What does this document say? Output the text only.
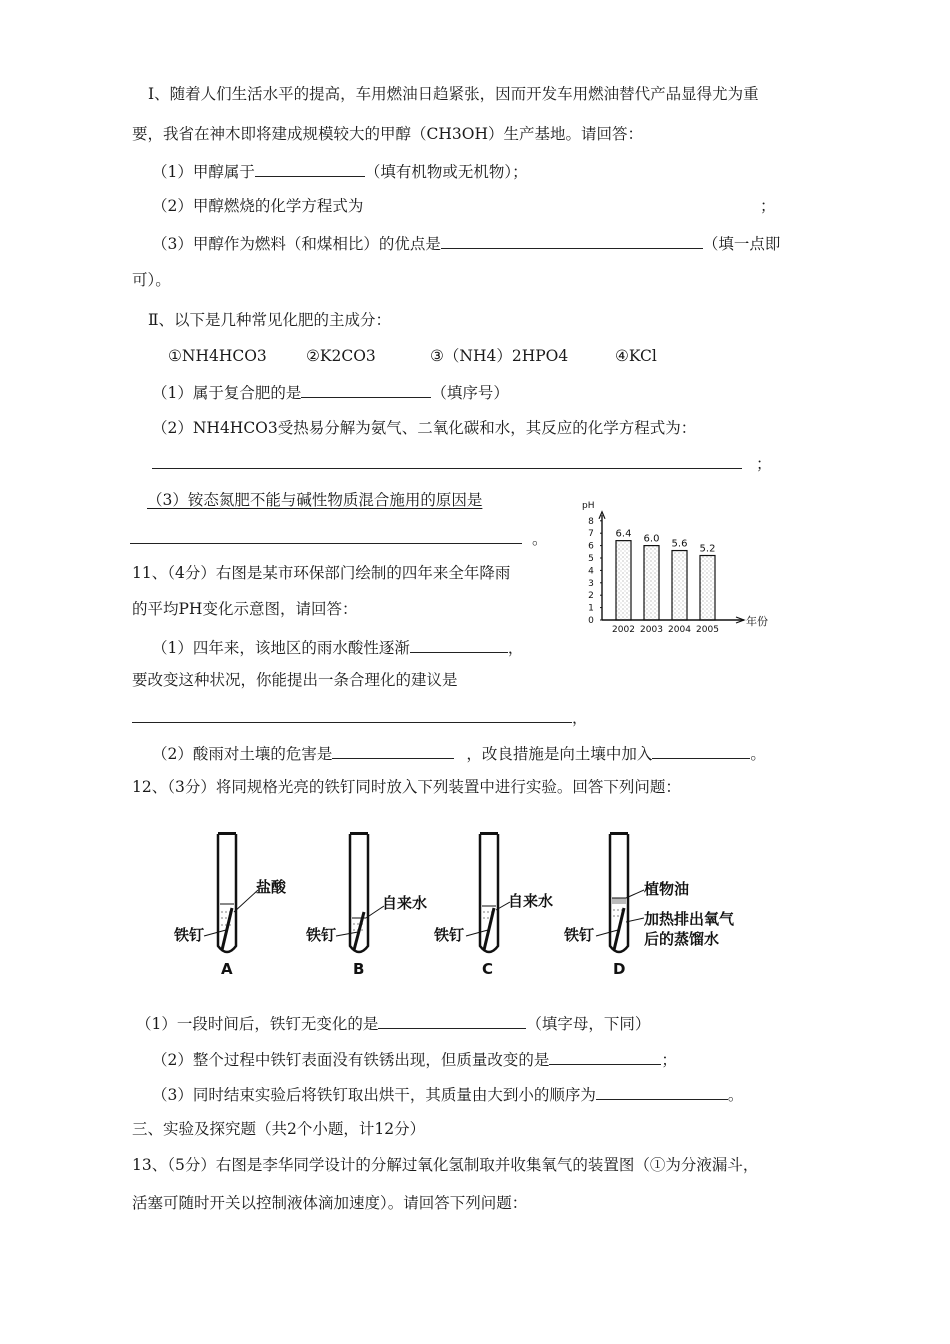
Ⅰ、随着人们生活水平的提高，车用燃油日趋紧张，因而开发车用燃油替代产品显得尤为重
要，我省在神木即将建成规模较大的甲醇（CH3OH）生产基地。请回答：
（1）甲醇属于	（填有机物或无机物）；
（2）甲醇燃烧的化学方程式为	；
（3）甲醇作为燃料（和煤相比）的优点是	（填一点即
可）。
Ⅱ、以下是几种常见化肥的主成分：
①NH4HCO3	②K2CO3	③（NH4）2HPO4	④KCl
（1）属于复合肥的是	（填序号）
（2）NH4HCO3受热易分解为氨气、二氧化碳和水，其反应的化学方程式为：
；
（3）铵态氮肥不能与碱性物质混合施用的原因是
。
11、（4分）右图是某市环保部门绘制的四年来全年降雨
的平均PH变化示意图，请回答：
（1）四年来，该地区的雨水酸性逐渐	，
要改变这种状况，你能提出一条合理化的建议是
，
（2）酸雨对土壤的危害是	，改良措施是向土壤中加入	。
pH
年份
0
1
2
3
4
5
6
7
8
6.4
2002
6.0
2003
5.6
2004
5.2
2005
12、（3分）将同规格光亮的铁钉同时放入下列装置中进行实验。回答下列问题：
盐酸
铁钉
A
自来水
铁钉
B
自来水
铁钉
C
植物油
加热排出氧气
后的蒸馏水
铁钉
D
（1）一段时间后，铁钉无变化的是	（填字母，下同）
（2）整个过程中铁钉表面没有铁锈出现，但质量改变的是	；
（3）同时结束实验后将铁钉取出烘干，其质量由大到小的顺序为	。
三、实验及探究题（共2个小题，计12分）
13、（5分）右图是李华同学设计的分解过氧化氢制取并收集氧气的装置图（①为分液漏斗，
活塞可随时开关以控制液体滴加速度）。请回答下列问题：
